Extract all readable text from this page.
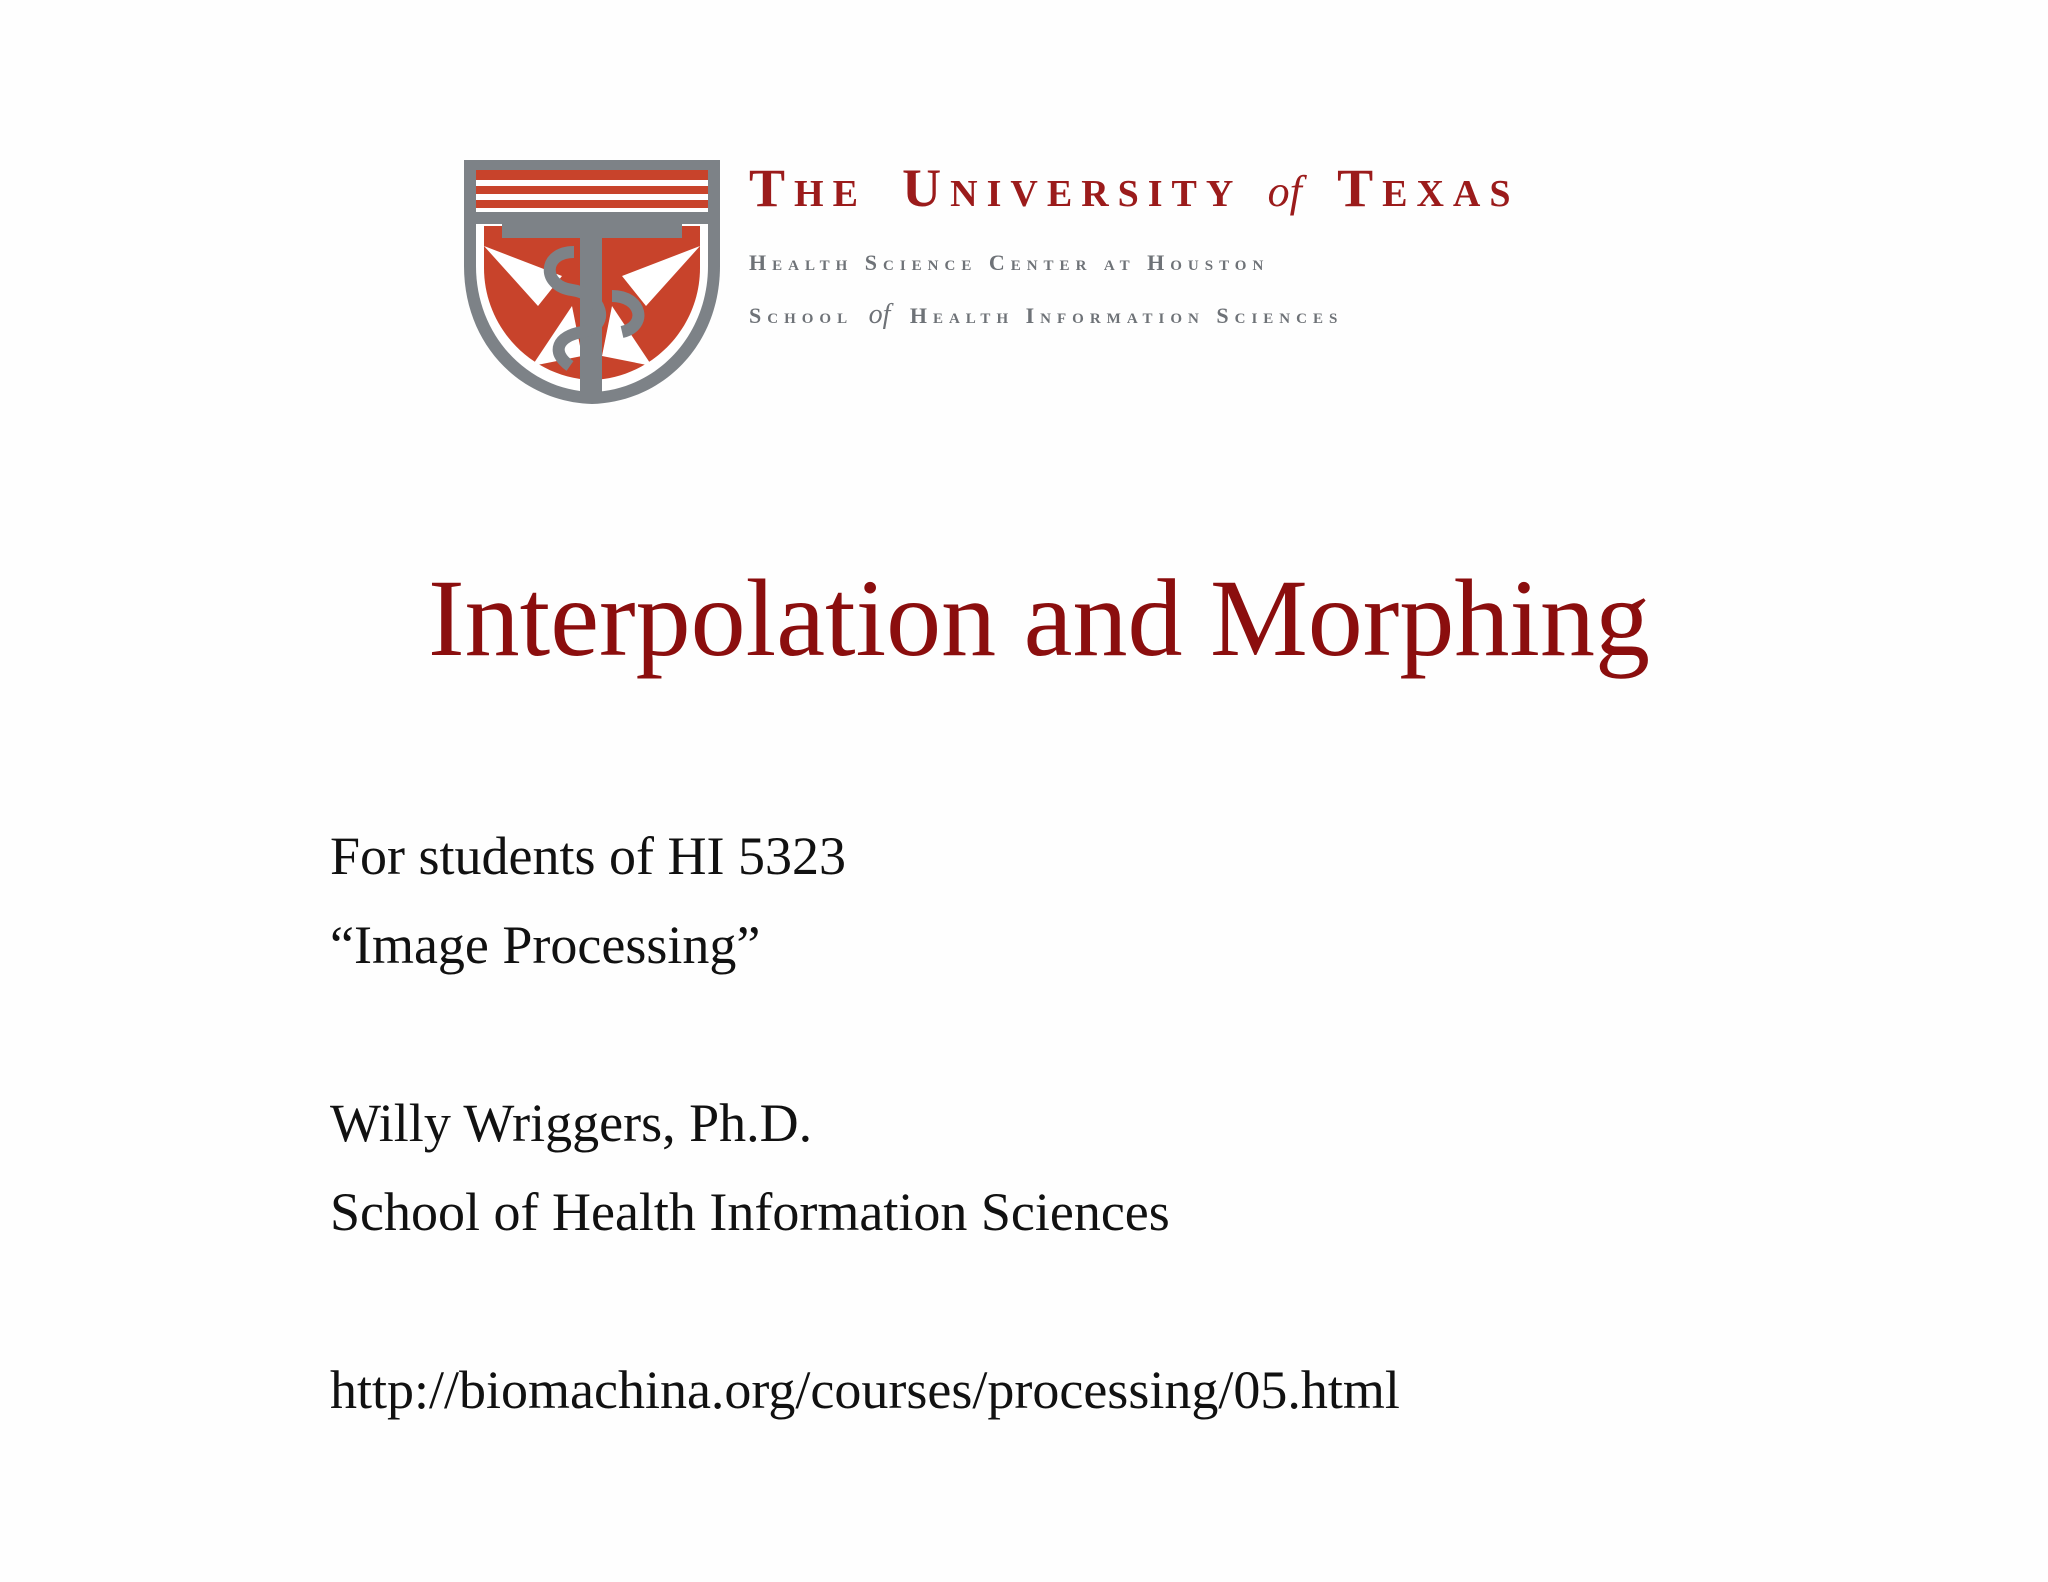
The University of Texas
Health Science Center at Houston
School of Health Information Sciences
Interpolation and Morphing
For students of HI 5323
“Image Processing”
Willy Wriggers, Ph.D.
School of Health Information Sciences
http://biomachina.org/courses/processing/05.html
